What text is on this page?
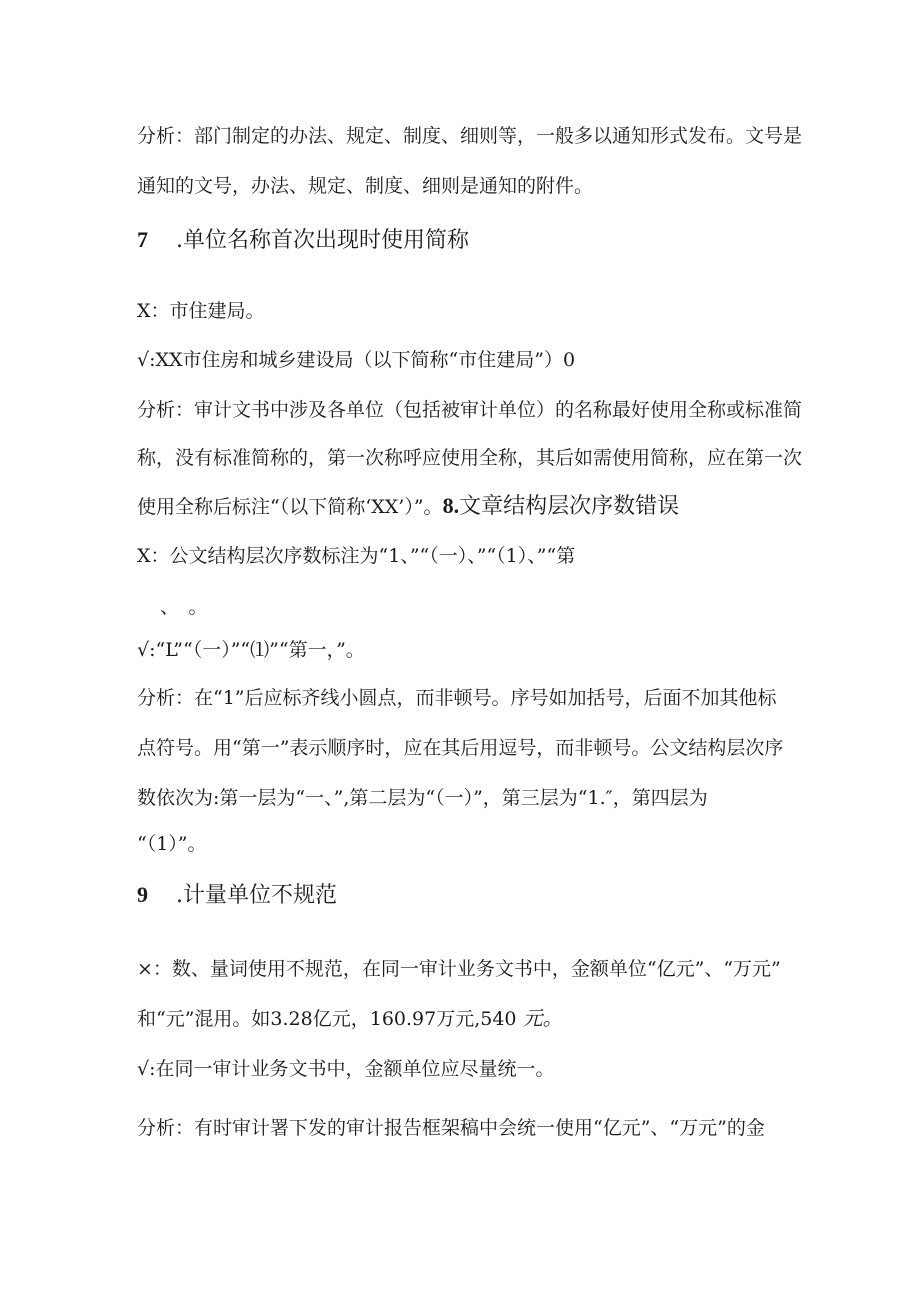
分析：部门制定的办法、规定、制度、细则等，一般多以通知形式发布。文号是
通知的文号，办法、规定、制度、细则是通知的附件。
7 .单位名称首次出现时使用简称
X：市住建局。
√:XX市住房和城乡建设局（以下简称“市住建局”）0
分析：审计文书中涉及各单位（包括被审计单位）的名称最好使用全称或标准简
称，没有标准简称的，第一次称呼应使用全称，其后如需使用简称，应在第一次
使用全称后标注“（以下简称‘XX’）”。8.文章结构层次序数错误
X：公文结构层次序数标注为“1、”“（一）、”“（1）、”“第
、　。
√:“L”“（一）”“⑴”“第一，”。
分析：在“1”后应标齐线小圆点，而非顿号。序号如加括号，后面不加其他标
点符号。用“第一”表示顺序时，应在其后用逗号，而非顿号。公文结构层次序
数依次为:第一层为“一、”,第二层为“（一）”，第三层为“1.″，第四层为
“（1）”。
9 .计量单位不规范
×：数、量词使用不规范，在同一审计业务文书中，金额单位“亿元”、“万元”
和“元”混用。如3.28亿元，160.97万元,540 元。
√:在同一审计业务文书中，金额单位应尽量统一。
分析：有时审计署下发的审计报告框架稿中会统一使用“亿元”、“万元”的金
